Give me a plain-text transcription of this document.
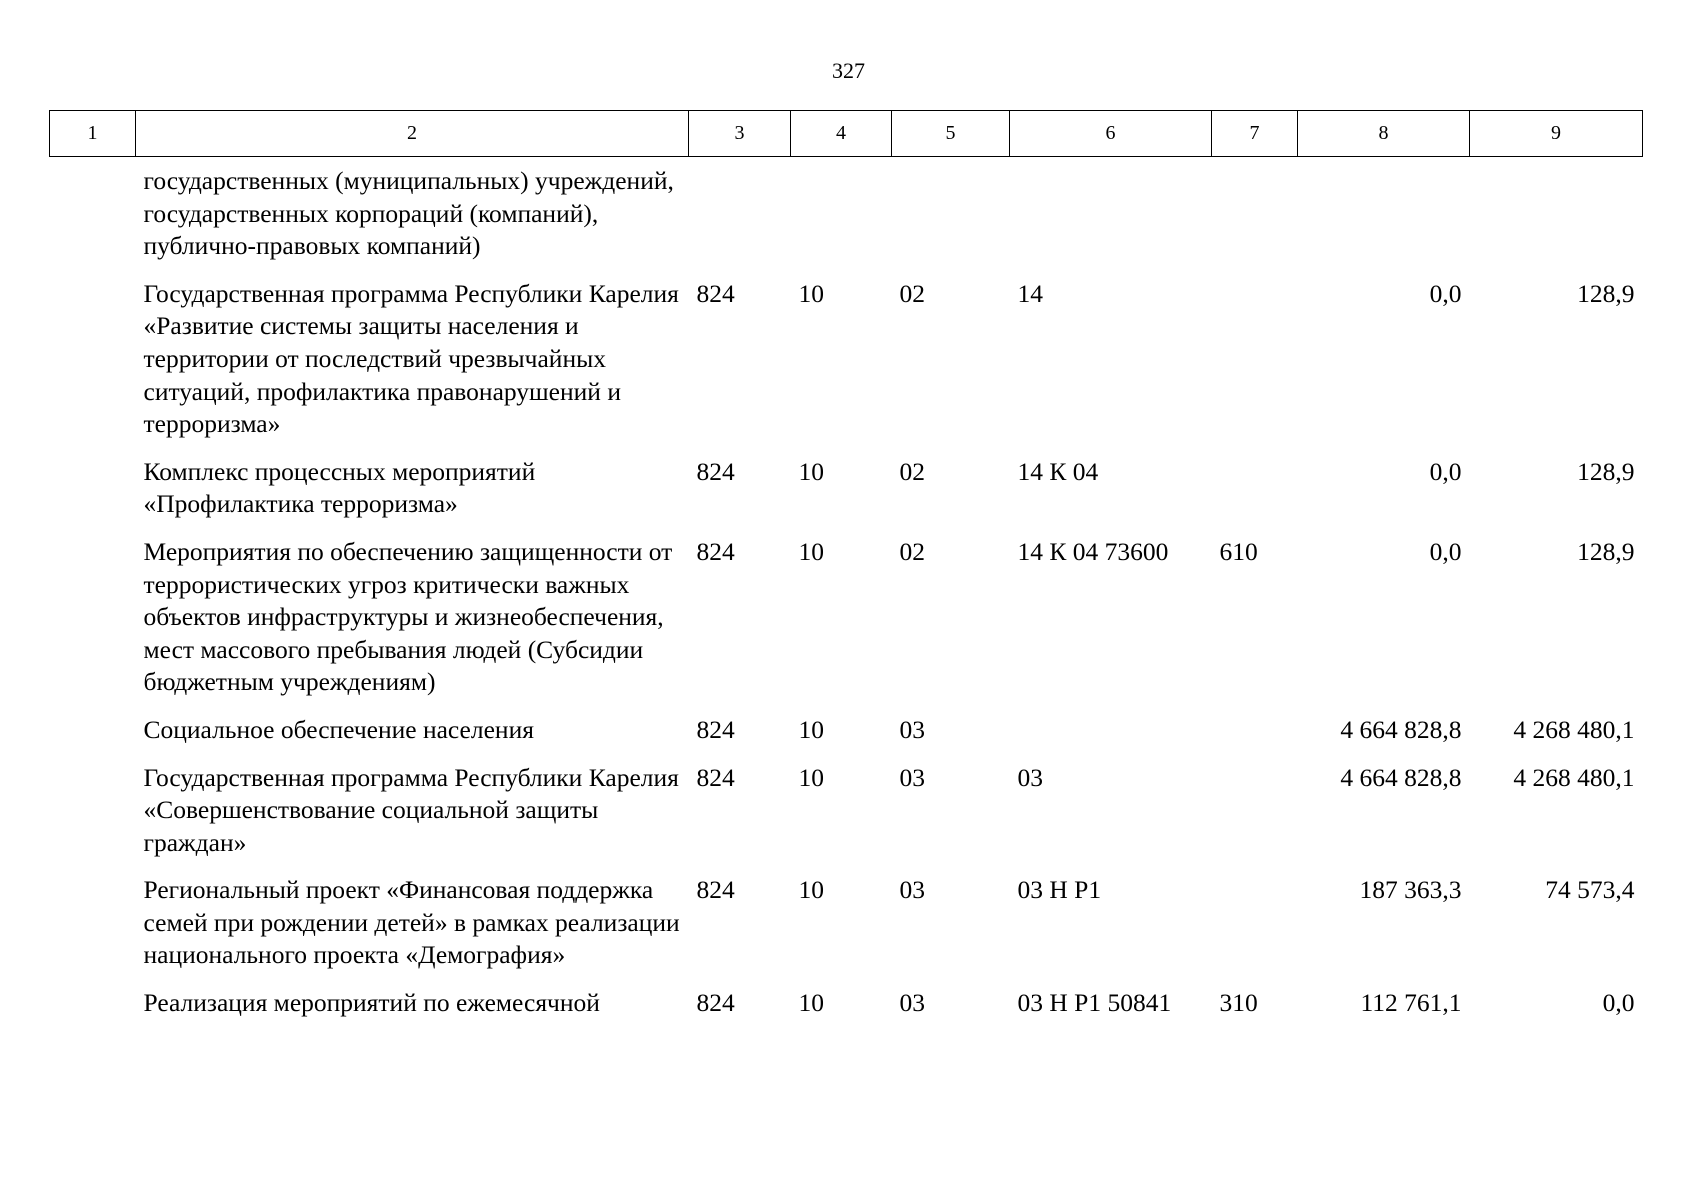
327
1	2	3	4	5	6	7	8	9
	государственных (муниципальных) учреждений, государственных корпораций (компаний), публично-правовых компаний)							
	Государственная программа Республики Карелия «Развитие системы защиты населения и территории от последствий чрезвычайных ситуаций, профилактика правонарушений и терроризма»	824	10	02	14		0,0	128,9
	Комплекс процессных мероприятий «Профилактика терроризма»	824	10	02	14 К 04		0,0	128,9
	Мероприятия по обеспечению защищенности от террористических угроз критически важных объектов инфраструктуры и жизнеобеспечения, мест массового пребывания людей (Субсидии бюджетным учреждениям)	824	10	02	14 К 04 73600	610	0,0	128,9
	Социальное обеспечение населения	824	10	03			4 664 828,8	4 268 480,1
	Государственная программа Республики Карелия «Совершенствование социальной защиты граждан»	824	10	03	03		4 664 828,8	4 268 480,1
	Региональный проект «Финансовая поддержка семей при рождении детей» в рамках реализации национального проекта «Демография»	824	10	03	03 Н Р1		187 363,3	74 573,4
	Реализация мероприятий по ежемесячной	824	10	03	03 Н Р1 50841	310	112 761,1	0,0
